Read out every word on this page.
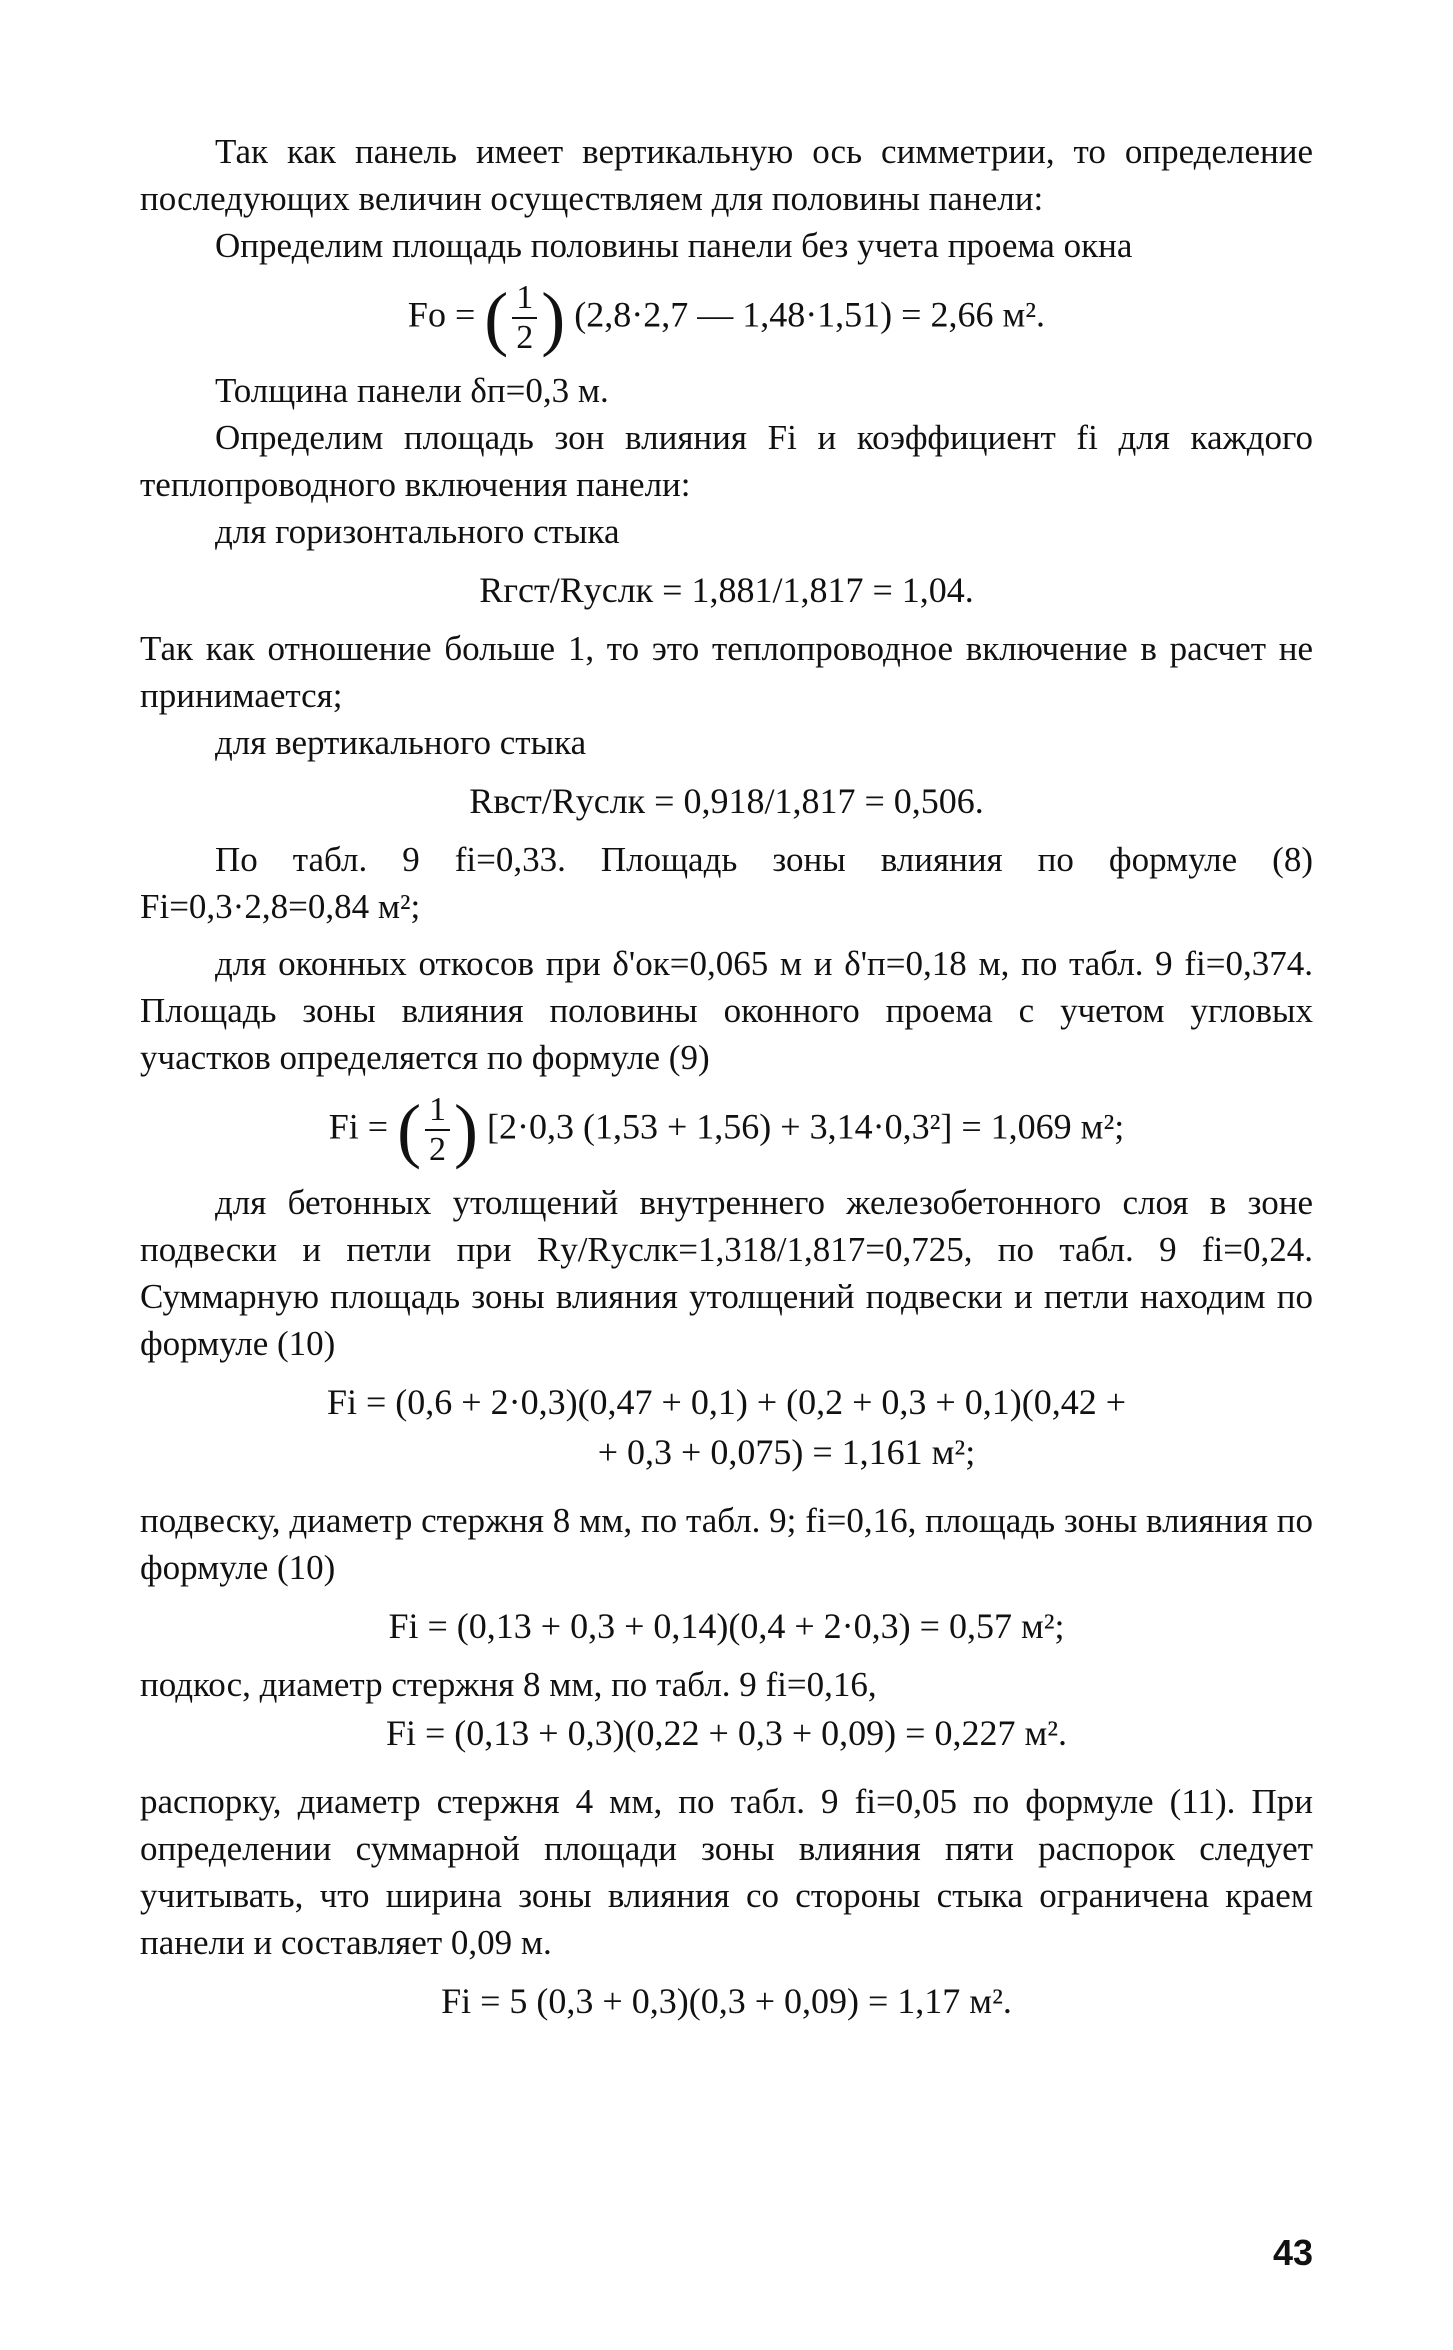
Так как панель имеет вертикальную ось симметрии, то определение последующих величин осуществляем для половины панели:

Определим площадь половины панели без учета проема окна

Fo = ( $\frac{1}{2}$ ) (2,8·2,7 — 1,48·1,51) = 2,66 м².

Толщина панели δп=0,3 м.

Определим площадь зон влияния Fi и коэффициент fi для каждого теплопроводного включения панели:

для горизонтального стыка

Rгст/Rуслк = 1,881/1,817 = 1,04.

Так как отношение больше 1, то это теплопроводное включение в расчет не принимается;

для вертикального стыка

Rвст/Rуслк = 0,918/1,817 = 0,506.

По табл. 9 fi=0,33. Площадь зоны влияния по формуле (8) Fi=0,3·2,8=0,84 м²;

для оконных откосов при δ'ок=0,065 м и δ'п=0,18 м, по табл. 9 fi=0,374. Площадь зоны влияния половины оконного проема с учетом угловых участков определяется по формуле (9)

Fi = ( $\frac{1}{2}$ ) [2·0,3 (1,53 + 1,56) + 3,14·0,3²] = 1,069 м²;

для бетонных утолщений внутреннего железобетонного слоя в зоне подвески и петли при Rу/Rуслк=1,318/1,817=0,725, по табл. 9 fi=0,24. Суммарную площадь зоны влияния утолщений подвески и петли находим по формуле (10)

Fi = (0,6 + 2·0,3)(0,47 + 0,1) + (0,2 + 0,3 + 0,1)(0,42 +

+ 0,3 + 0,075) = 1,161 м²;

подвеску, диаметр стержня 8 мм, по табл. 9; fi=0,16, площадь зоны влияния по формуле (10)

Fi = (0,13 + 0,3 + 0,14)(0,4 + 2·0,3) = 0,57 м²;

подкос, диаметр стержня 8 мм, по табл. 9 fi=0,16,

Fi = (0,13 + 0,3)(0,22 + 0,3 + 0,09) = 0,227 м².

распорку, диаметр стержня 4 мм, по табл. 9 fi=0,05 по формуле (11). При определении суммарной площади зоны влияния пяти распорок следует учитывать, что ширина зоны влияния со стороны стыка ограничена краем панели и составляет 0,09 м.

Fi = 5 (0,3 + 0,3)(0,3 + 0,09) = 1,17 м².

43
